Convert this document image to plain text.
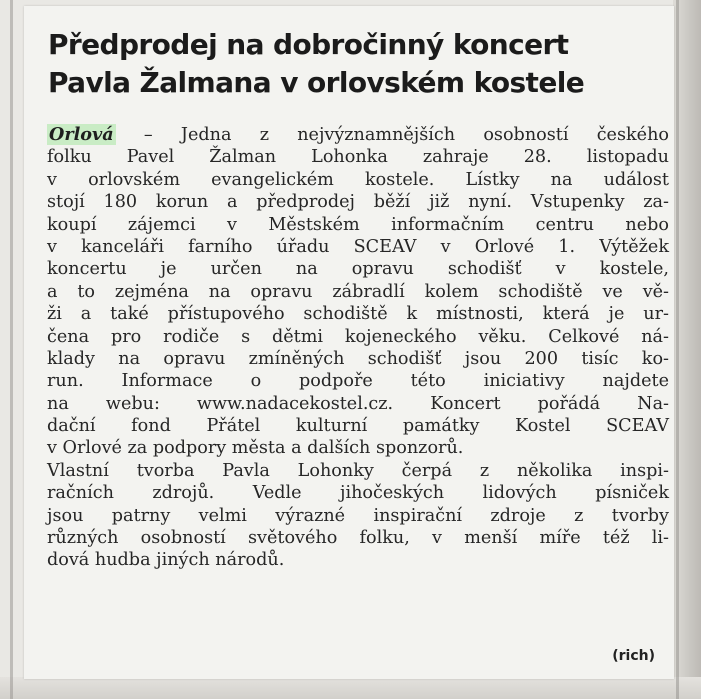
Předprodej na dobročinný koncert
Pavla Žalmana v orlovském kostele
Orlová – Jedna z nejvýznamnějších osobností českého
folku Pavel Žalman Lohonka zahraje 28. listopadu
v orlovském evangelickém kostele. Lístky na událost
stojí 180 korun a předprodej běží již nyní. Vstupenky za-
koupí zájemci v Městském informačním centru nebo
v kanceláři farního úřadu SCEAV v Orlové 1. Výtěžek
koncertu je určen na opravu schodišť v kostele,
a to zejména na opravu zábradlí kolem schodiště ve vě-
ži a také přístupového schodiště k místnosti, která je ur-
čena pro rodiče s dětmi kojeneckého věku. Celkové ná-
klady na opravu zmíněných schodišť jsou 200 tisíc ko-
run. Informace o podpoře této iniciativy najdete
na webu: www.nadacekostel.cz. Koncert pořádá Na-
dační fond Přátel kulturní památky Kostel SCEAV
v Orlové za podpory města a dalších sponzorů.
Vlastní tvorba Pavla Lohonky čerpá z několika inspi-
račních zdrojů. Vedle jihočeských lidových písniček
jsou patrny velmi výrazné inspirační zdroje z tvorby
různých osobností světového folku, v menší míře též li-
dová hudba jiných národů.
(rich)
